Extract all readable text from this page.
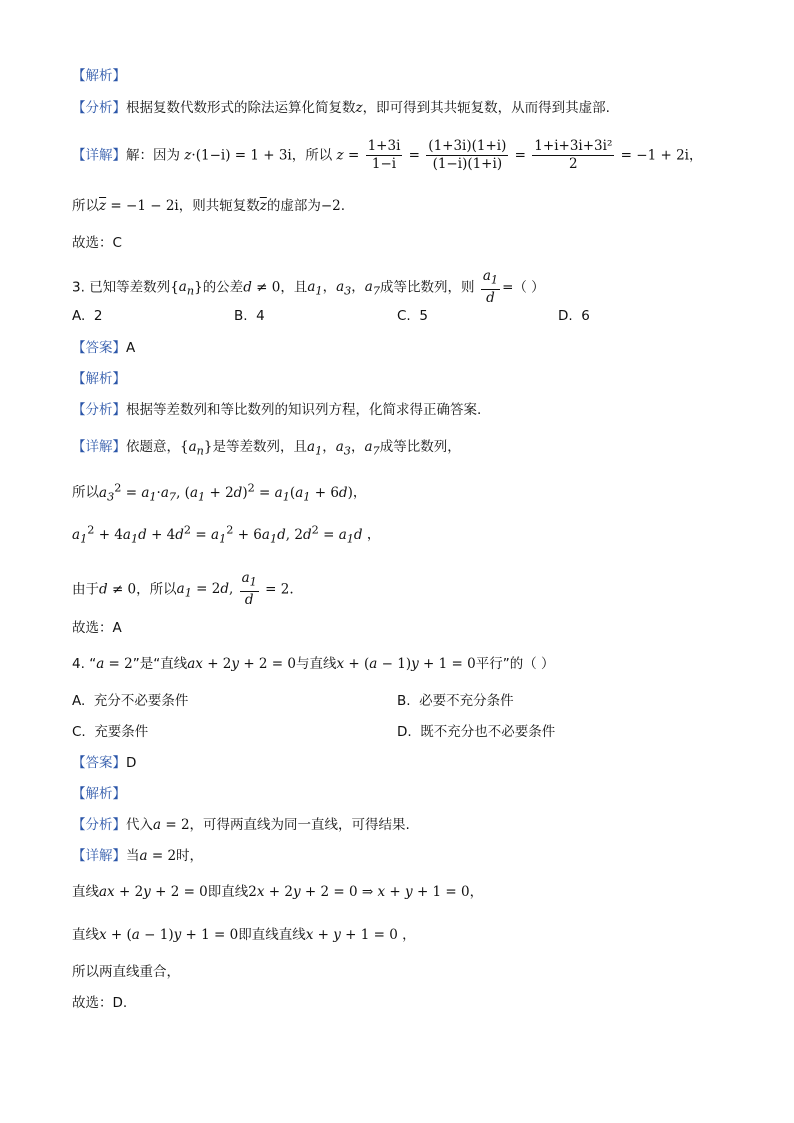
【解析】
【分析】根据复数代数形式的除法运算化简复数z，即可得到其共轭复数，从而得到其虚部.
【详解】解：因为 z·(1−i) = 1 + 3i，所以 $z = \frac{1+3i}{1-i} = \frac{(1+3i)(1+i)}{(1-i)(1+i)} = \frac{\text{1+i+3i+3i²}}{2} = -1 + 2i$，
所以$\overline{z} = -1 - 2i$，则共轭复数$\overline{z}$的虚部为−2.
故选：C
3. 已知等差数列$\{a_n\}$的公差d ≠ 0，且$a_1$，$a_3$，$a_7$成等比数列，则 $\frac{a_1}{d}$ =（ ）
A. 2	B. 4	C. 5	D. 6
【答案】A
【解析】
【分析】根据等差数列和等比数列的知识列方程，化简求得正确答案.
【详解】依题意，$\{a_n\}$是等差数列，且$a_1$，$a_3$，$a_7$成等比数列，
所以$a_3^2 = a_1\cdot a_7$, $(a_1 + 2d)^2 = a_1(a_1 + 6d)$，
$a_1^2 + 4a_1d + 4d^2 = a_1^2 + 6a_1d$, $2d^2 = a_1d$ ，
由于d ≠ 0，所以$a_1 = 2d$, $\frac{a_1}{d} = 2$.
故选：A
4. “a = 2”是“直线ax + 2y + 2 = 0与直线x + (a − 1)y + 1 = 0平行”的（ ）
A. 充分不必要条件	B. 必要不充分条件
C. 充要条件	D. 既不充分也不必要条件
【答案】D
【解析】
【分析】代入a = 2，可得两直线为同一直线，可得结果.
【详解】当a = 2时，
直线ax + 2y + 2 = 0即直线2x + 2y + 2 = 0 ⇒ x + y + 1 = 0，
直线x + (a − 1)y + 1 = 0即直线直线x + y + 1 = 0 ，
所以两直线重合，
故选：D.
